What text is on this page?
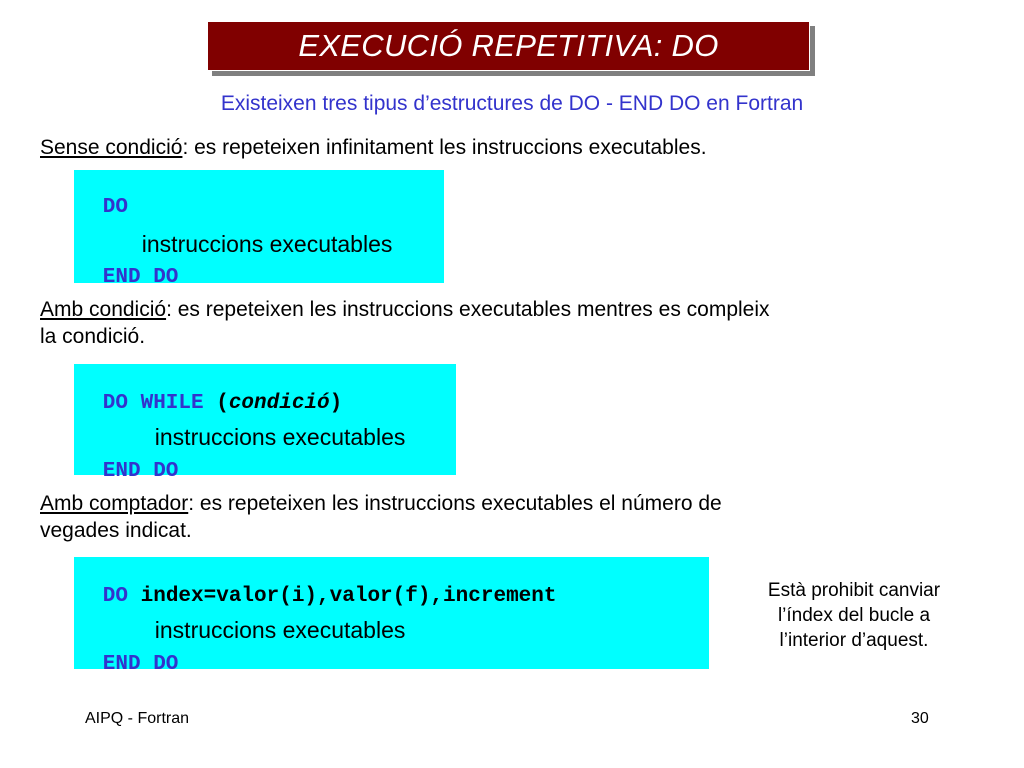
EXECUCIÓ REPETITIVA: DO
Existeixen tres tipus d’estructures de DO - END DO en Fortran
Sense condició: es repeteixen infinitament les instruccions executables.

DO

instruccions executables

END DO

Amb condició: es repeteixen les instruccions executables mentres es compleix
la condició.

DO WHILE (condició)

instruccions executables

END DO

Amb comptador: es repeteixen les instruccions executables el número de
vegades indicat.

DO index=valor(i),valor(f),increment

instruccions executables

END DO

Està prohibit canviar
l’índex del bucle a
l’interior d’aquest.
AIPQ - Fortran	30
